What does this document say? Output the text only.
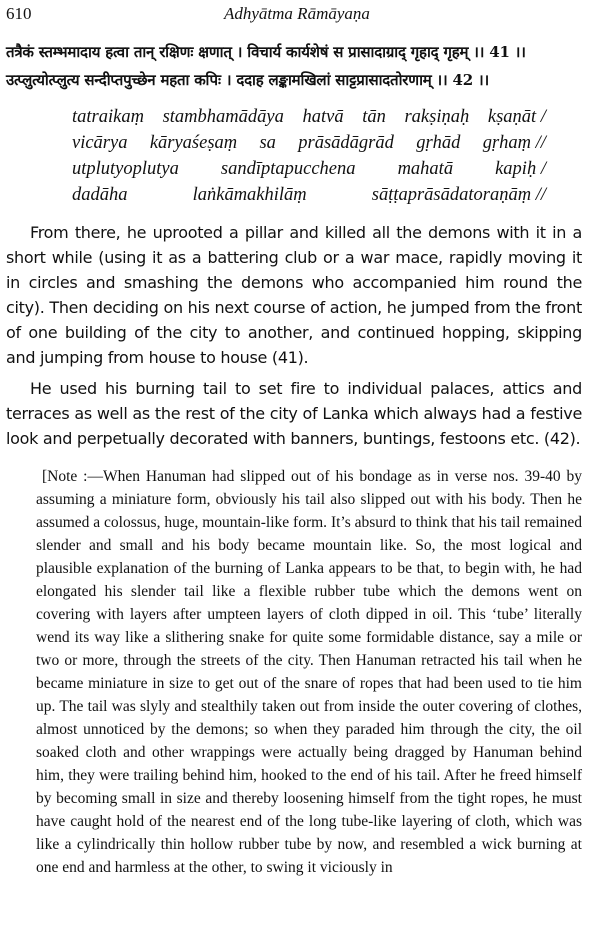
610	Adhyātma Rāmāyaṇa
तत्रैकं स्तम्भमादाय हत्वा तान् रक्षिणः क्षणात् । विचार्य कार्यशेषं स प्रासादाग्राद् गृहाद् गृहम् ।। 41 ।।
उत्प्लुत्योत्प्लुत्य सन्दीप्तपुच्छेन महता कपिः । ददाह लङ्कामखिलां साट्टप्रासादतोरणाम् ।। 42 ।।
tatraikaṃ stambhamādāya hatvā tān rakṣiṇaḥ kṣaṇāt /
vicārya kāryaśeṣaṃ sa prāsādāgrād gṛhād gṛhaṃ //
utplutyoplutya sandīptapucchena mahatā kapiḥ /
dadāha	laṅkāmakhilāṃ	sāṭṭaprāsādatoraṇāṃ //

From there, he uprooted a pillar and killed all the demons with it in a short while (using it as a battering club or a war mace, rapidly moving it in circles and smashing the demons who accompanied him round the city). Then deciding on his next course of action, he jumped from the front of one building of the city to another, and continued hopping, skipping and jumping from house to house (41).

He used his burning tail to set fire to individual palaces, attics and terraces as well as the rest of the city of Lanka which always had a festive look and perpetually decorated with banners, buntings, festoons etc. (42).

[Note :—When Hanuman had slipped out of his bondage as in verse nos. 39-40 by assuming a miniature form, obviously his tail also slipped out with his body. Then he assumed a colossus, huge, mountain-like form. It’s absurd to think that his tail remained slender and small and his body became mountain like. So, the most logical and plausible explanation of the burning of Lanka appears to be that, to begin with, he had elongated his slender tail like a flexible rubber tube which the demons went on covering with layers after umpteen layers of cloth dipped in oil. This ‘tube’ literally wend its way like a slithering snake for quite some formidable distance, say a mile or two or more, through the streets of the city. Then Hanuman retracted his tail when he became miniature in size to get out of the snare of ropes that had been used to tie him up. The tail was slyly and stealthily taken out from inside the outer covering of clothes, almost unnoticed by the demons; so when they paraded him through the city, the oil soaked cloth and other wrappings were actually being dragged by Hanuman behind him, they were trailing behind him, hooked to the end of his tail. After he freed himself by becoming small in size and thereby loosening himself from the tight ropes, he must have caught hold of the nearest end of the long tube-like layering of cloth, which was like a cylindrically thin hollow rubber tube by now, and resembled a wick burning at one end and harmless at the other, to swing it viciously in
